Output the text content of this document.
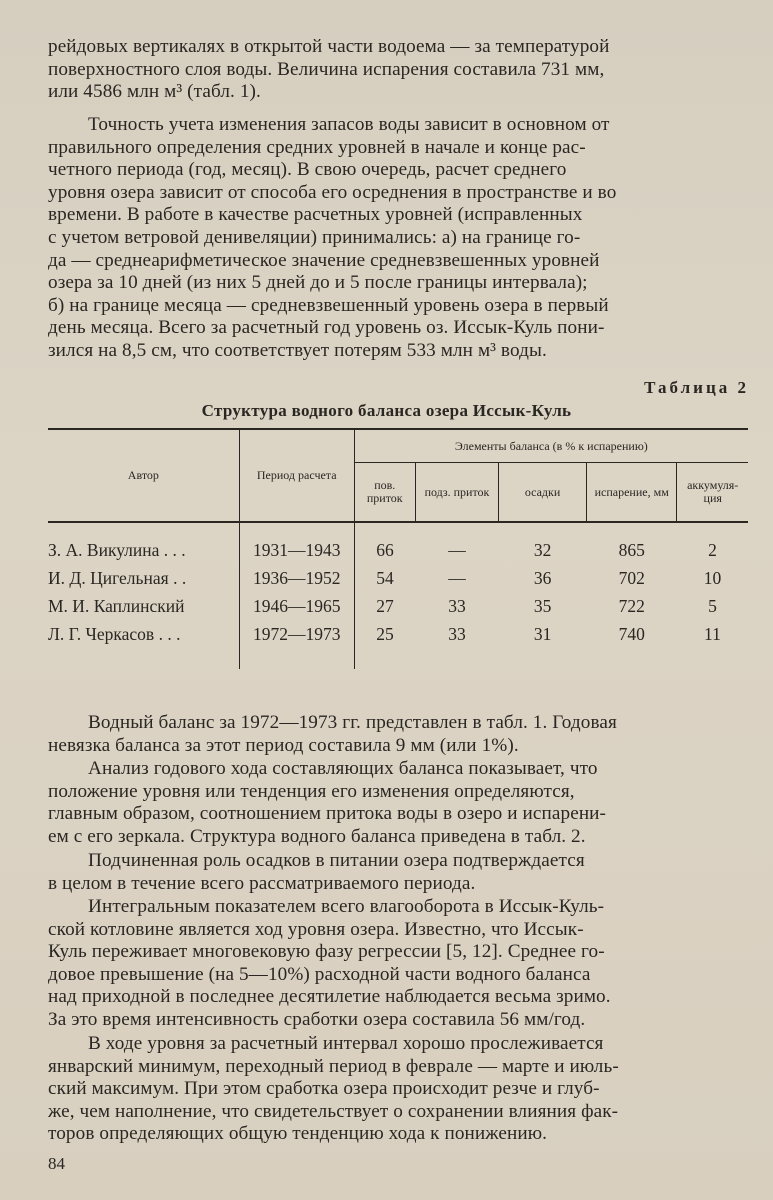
рейдовых вертикалях в открытой части водоема — за температурой
поверхностного слоя воды. Величина испарения составила 731 мм,
или 4586 млн м³ (табл. 1).

Точность учета изменения запасов воды зависит в основном от
правильного определения средних уровней в начале и конце рас-
четного периода (год, месяц). В свою очередь, расчет среднего
уровня озера зависит от способа его осреднения в пространстве и во
времени. В работе в качестве расчетных уровней (исправленных
с учетом ветровой денивеляции) принимались: а) на границе го-
да — среднеарифметическое значение средневзвешенных уровней
озера за 10 дней (из них 5 дней до и 5 после границы интервала);
б) на границе месяца — средневзвешенный уровень озера в первый
день месяца. Всего за расчетный год уровень оз. Иссык-Куль пони-
зился на 8,5 см, что соответствует потерям 533 млн м³ воды.

Таблица 2
Структура водного баланса озера Иссык-Куль
Автор	Период расчета	Элементы баланса (в % к испарению)				
		пов. приток	подз. приток	осадки	испарение, мм	аккумуля-ция
З. А. Викулина . . .	1931—1943	66	—	32	865	2
И. Д. Цигельная . .	1936—1952	54	—	36	702	10
М. И. Каплинский	1946—1965	27	33	35	722	5
Л. Г. Черкасов . . .	1972—1973	25	33	31	740	11

Водный баланс за 1972—1973 гг. представлен в табл. 1. Годовая
невязка баланса за этот период составила 9 мм (или 1%).

Анализ годового хода составляющих баланса показывает, что
положение уровня или тенденция его изменения определяются,
главным образом, соотношением притока воды в озеро и испарени-
ем с его зеркала. Структура водного баланса приведена в табл. 2.

Подчиненная роль осадков в питании озера подтверждается
в целом в течение всего рассматриваемого периода.

Интегральным показателем всего влагооборота в Иссык-Куль-
ской котловине является ход уровня озера. Известно, что Иссык-
Куль переживает многовековую фазу регрессии [5, 12]. Среднее го-
довое превышение (на 5—10%) расходной части водного баланса
над приходной в последнее десятилетие наблюдается весьма зримо.
За это время интенсивность сработки озера составила 56 мм/год.

В ходе уровня за расчетный интервал хорошо прослеживается
январский минимум, переходный период в феврале — марте и июль-
ский максимум. При этом сработка озера происходит резче и глуб-
же, чем наполнение, что свидетельствует о сохранении влияния фак-
торов определяющих общую тенденцию хода к понижению.

84
